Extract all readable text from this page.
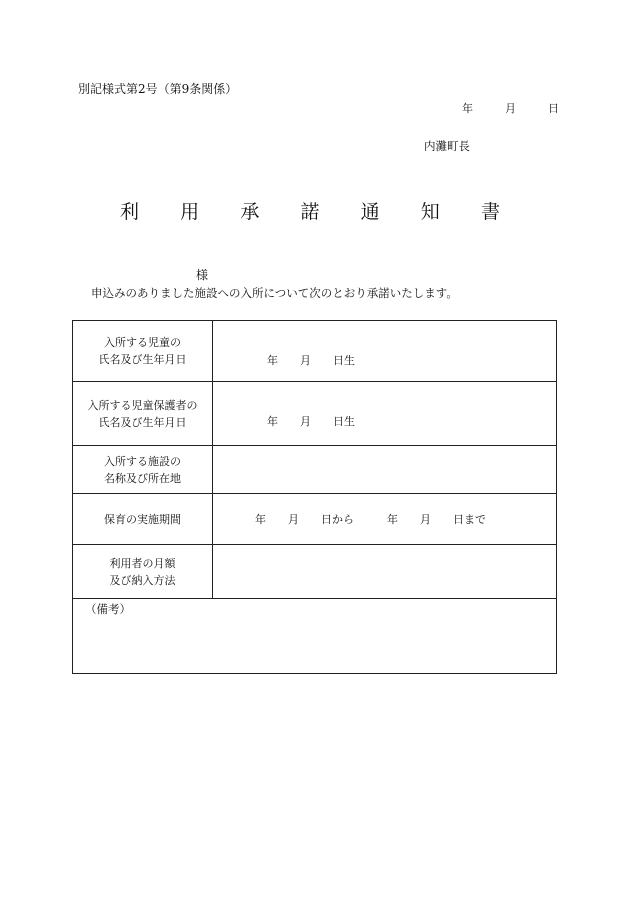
別記様式第2号（第9条関係）
年	月	日
内灘町長
利 用 承 諾 通 知 書
様
申込みのありました施設への入所について次のとおり承諾いたします。
入所する児童の
氏名及び生年月日	年　　月　　日生
入所する児童保護者の
氏名及び生年月日	年　　月　　日生
入所する施設の
名称及び所在地
保育の実施期間	年　　月　　日から　　　年　　月　　日まで
利用者の月額
及び納入方法
（備考）
